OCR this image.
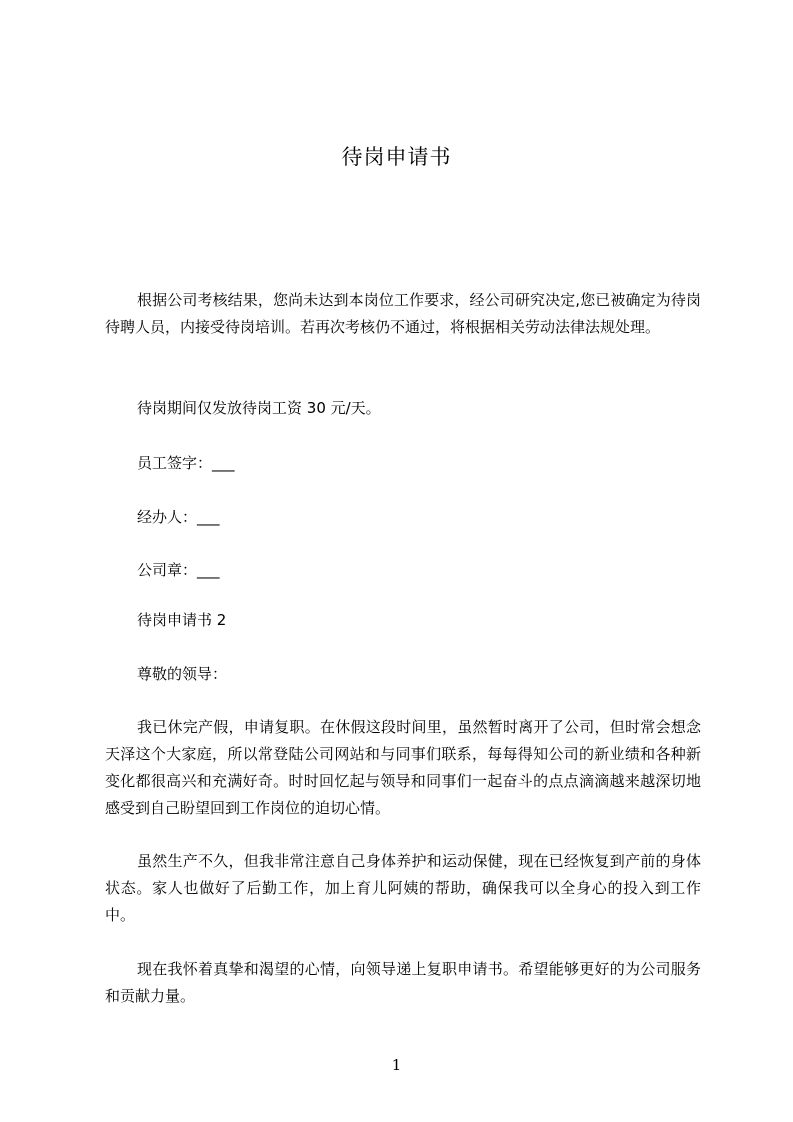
待岗申请书

根据公司考核结果，您尚未达到本岗位工作要求，经公司研究决定,您已被确定为待岗待聘人员，内接受待岗培训。若再次考核仍不通过，将根据相关劳动法律法规处理。

待岗期间仅发放待岗工资 30 元/天。
员工签字：___
经办人：___
公司章：___
待岗申请书 2
尊敬的领导：

我已休完产假，申请复职。在休假这段时间里，虽然暂时离开了公司，但时常会想念天泽这个大家庭，所以常登陆公司网站和与同事们联系，每每得知公司的新业绩和各种新变化都很高兴和充满好奇。时时回忆起与领导和同事们一起奋斗的点点滴滴越来越深切地感受到自己盼望回到工作岗位的迫切心情。

虽然生产不久，但我非常注意自己身体养护和运动保健，现在已经恢复到产前的身体状态。家人也做好了后勤工作，加上育儿阿姨的帮助，确保我可以全身心的投入到工作中。

现在我怀着真挚和渴望的心情，向领导递上复职申请书。希望能够更好的为公司服务和贡献力量。

1
